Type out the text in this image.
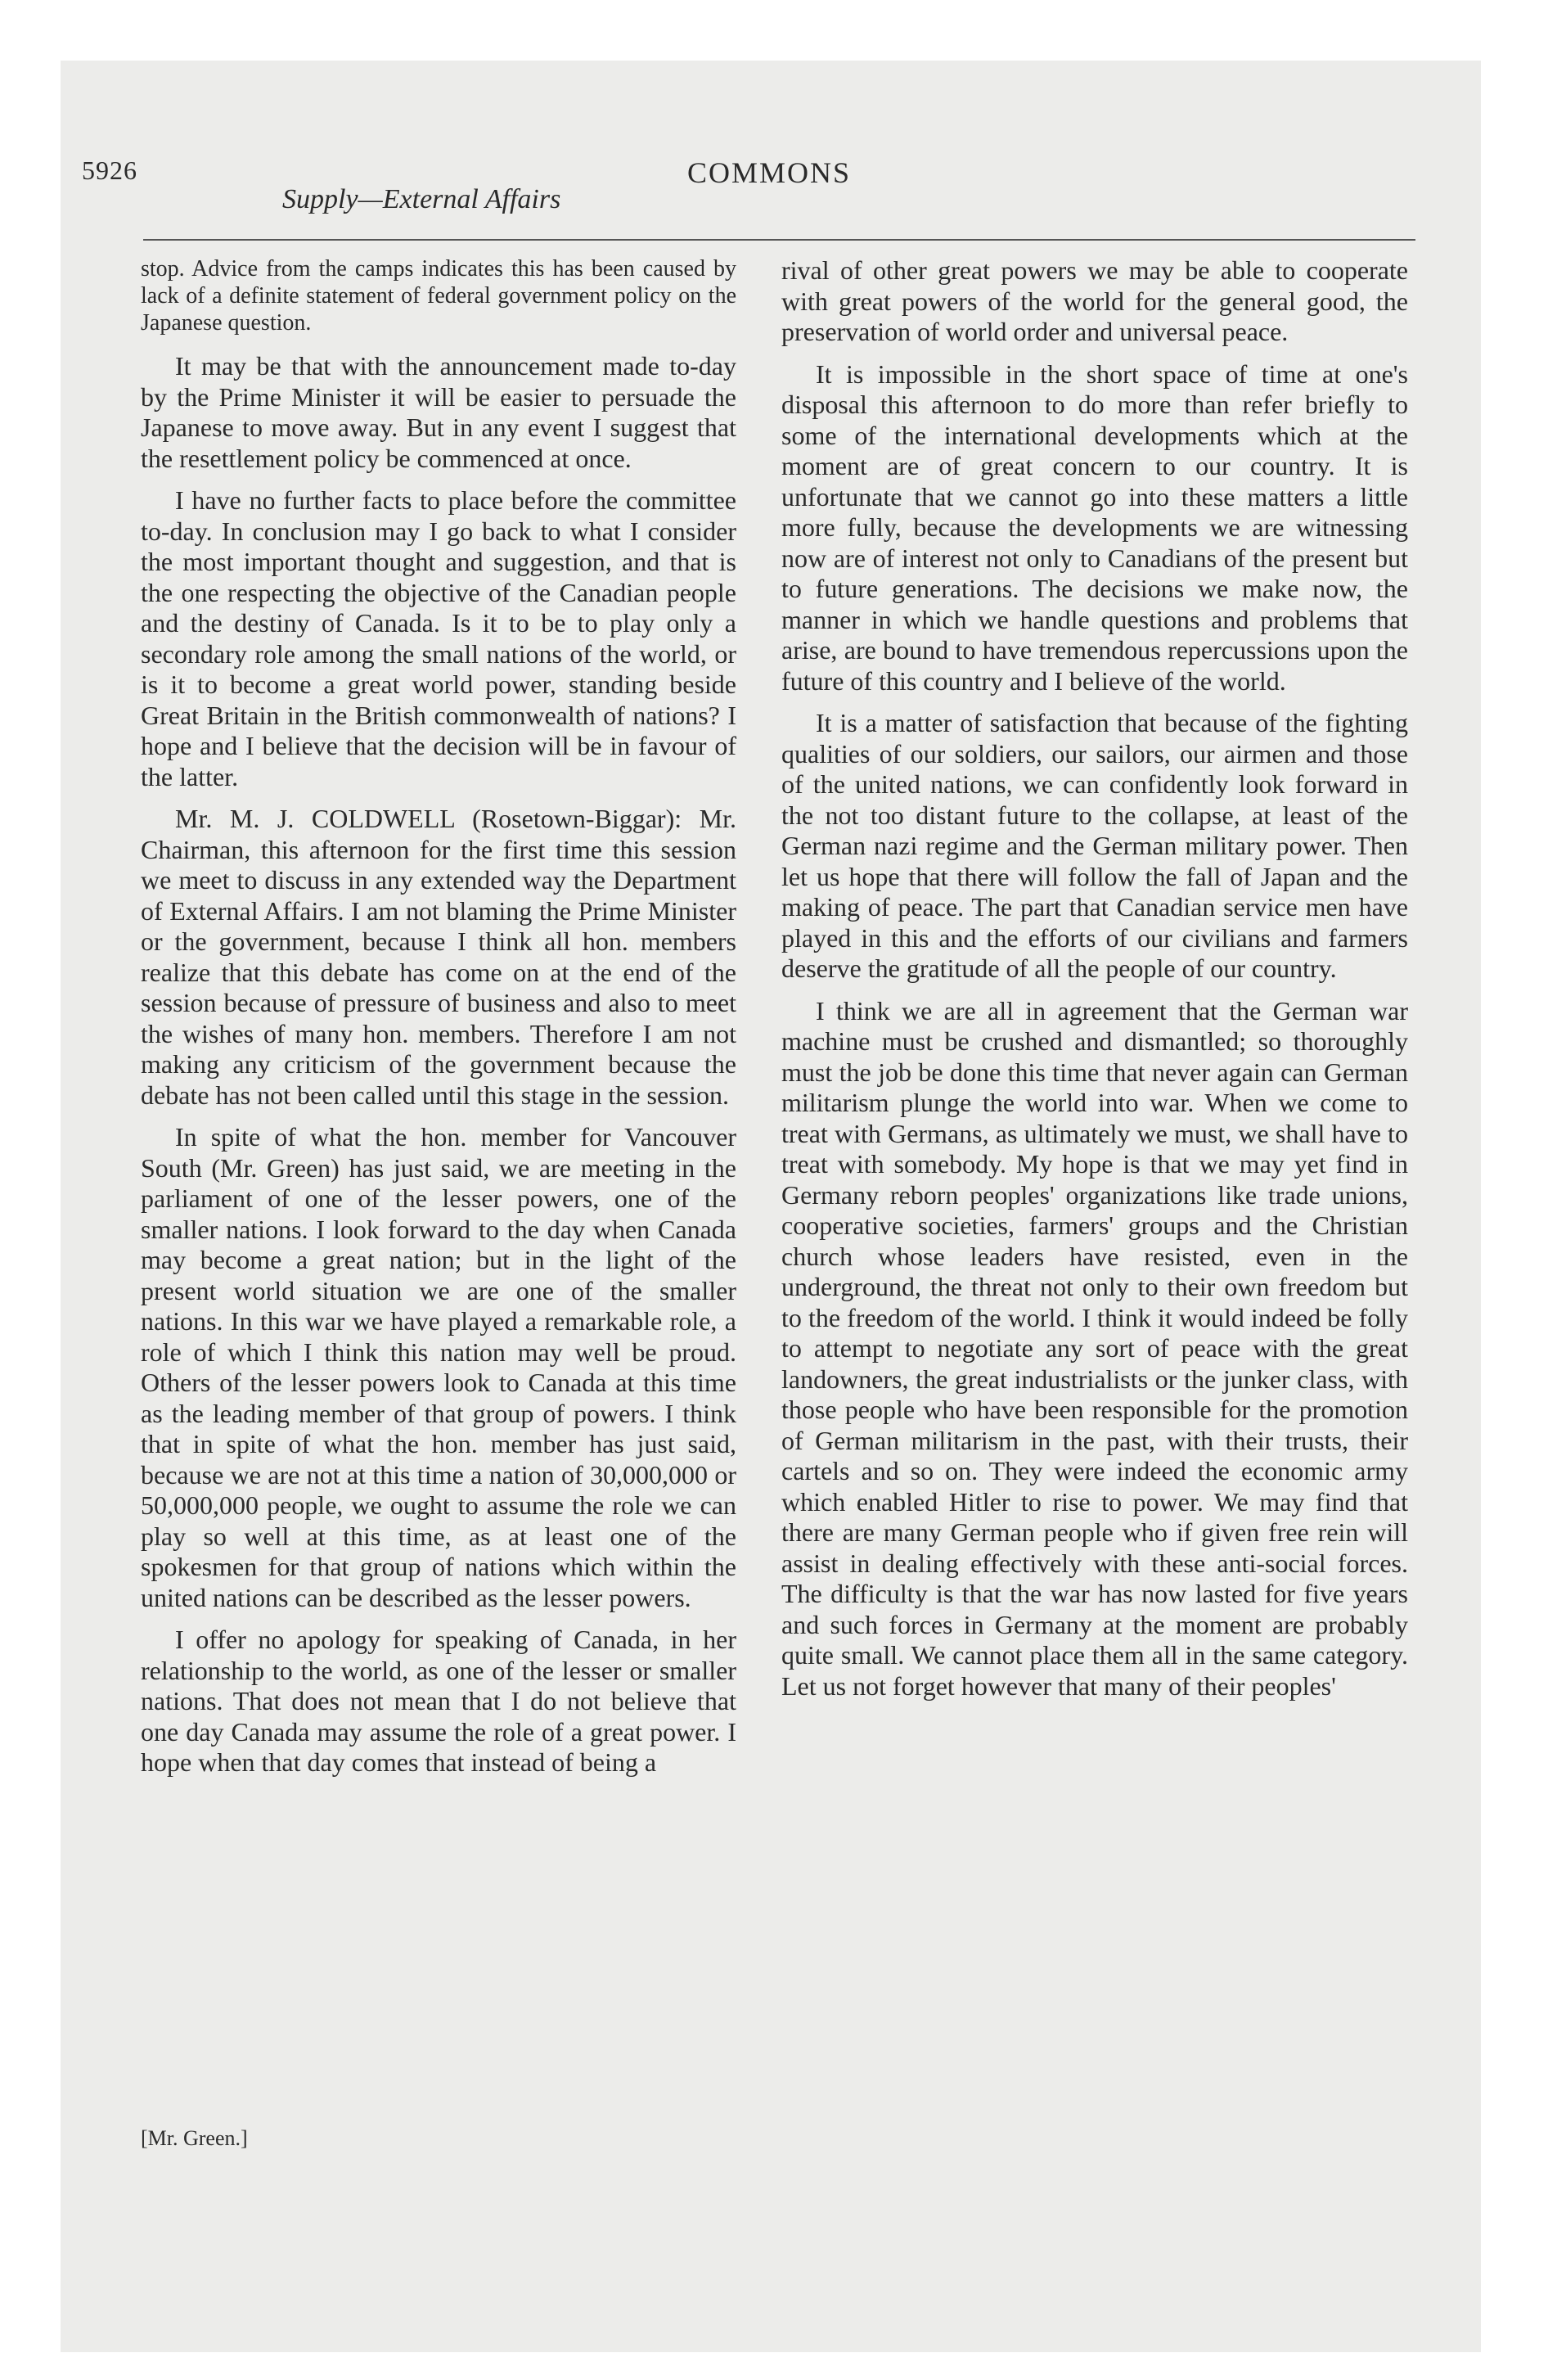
5926	COMMONS
Supply—External Affairs

stop. Advice from the camps indicates this has been caused by lack of a definite statement of federal government policy on the Japanese question.

It may be that with the announcement made to-day by the Prime Minister it will be easier to persuade the Japanese to move away. But in any event I suggest that the resettlement policy be commenced at once.

I have no further facts to place before the committee to-day. In conclusion may I go back to what I consider the most important thought and suggestion, and that is the one respecting the objective of the Canadian people and the destiny of Canada. Is it to be to play only a secondary role among the small nations of the world, or is it to become a great world power, standing beside Great Britain in the British commonwealth of nations? I hope and I believe that the decision will be in favour of the latter.

Mr. M. J. COLDWELL (Rosetown-Biggar): Mr. Chairman, this afternoon for the first time this session we meet to discuss in any extended way the Department of External Affairs. I am not blaming the Prime Minister or the government, because I think all hon. members realize that this debate has come on at the end of the session because of pressure of business and also to meet the wishes of many hon. members. Therefore I am not making any criticism of the government because the debate has not been called until this stage in the session.

In spite of what the hon. member for Vancouver South (Mr. Green) has just said, we are meeting in the parliament of one of the lesser powers, one of the smaller nations. I look forward to the day when Canada may become a great nation; but in the light of the present world situation we are one of the smaller nations. In this war we have played a remarkable role, a role of which I think this nation may well be proud. Others of the lesser powers look to Canada at this time as the leading member of that group of powers. I think that in spite of what the hon. member has just said, because we are not at this time a nation of 30,000,000 or 50,000,000 people, we ought to assume the role we can play so well at this time, as at least one of the spokesmen for that group of nations which within the united nations can be described as the lesser powers.

I offer no apology for speaking of Canada, in her relationship to the world, as one of the lesser or smaller nations. That does not mean that I do not believe that one day Canada may assume the role of a great power. I hope when that day comes that instead of being a

rival of other great powers we may be able to cooperate with great powers of the world for the general good, the preservation of world order and universal peace.

It is impossible in the short space of time at one's disposal this afternoon to do more than refer briefly to some of the international developments which at the moment are of great concern to our country. It is unfortunate that we cannot go into these matters a little more fully, because the developments we are witnessing now are of interest not only to Canadians of the present but to future generations. The decisions we make now, the manner in which we handle questions and problems that arise, are bound to have tremendous repercussions upon the future of this country and I believe of the world.

It is a matter of satisfaction that because of the fighting qualities of our soldiers, our sailors, our airmen and those of the united nations, we can confidently look forward in the not too distant future to the collapse, at least of the German nazi regime and the German military power. Then let us hope that there will follow the fall of Japan and the making of peace. The part that Canadian service men have played in this and the efforts of our civilians and farmers deserve the gratitude of all the people of our country.

I think we are all in agreement that the German war machine must be crushed and dismantled; so thoroughly must the job be done this time that never again can German militarism plunge the world into war. When we come to treat with Germans, as ultimately we must, we shall have to treat with somebody. My hope is that we may yet find in Germany reborn peoples' organizations like trade unions, cooperative societies, farmers' groups and the Christian church whose leaders have resisted, even in the underground, the threat not only to their own freedom but to the freedom of the world. I think it would indeed be folly to attempt to negotiate any sort of peace with the great landowners, the great industrialists or the junker class, with those people who have been responsible for the promotion of German militarism in the past, with their trusts, their cartels and so on. They were indeed the economic army which enabled Hitler to rise to power. We may find that there are many German people who if given free rein will assist in dealing effectively with these anti-social forces. The difficulty is that the war has now lasted for five years and such forces in Germany at the moment are probably quite small. We cannot place them all in the same category. Let us not forget however that many of their peoples'

[Mr. Green.]
